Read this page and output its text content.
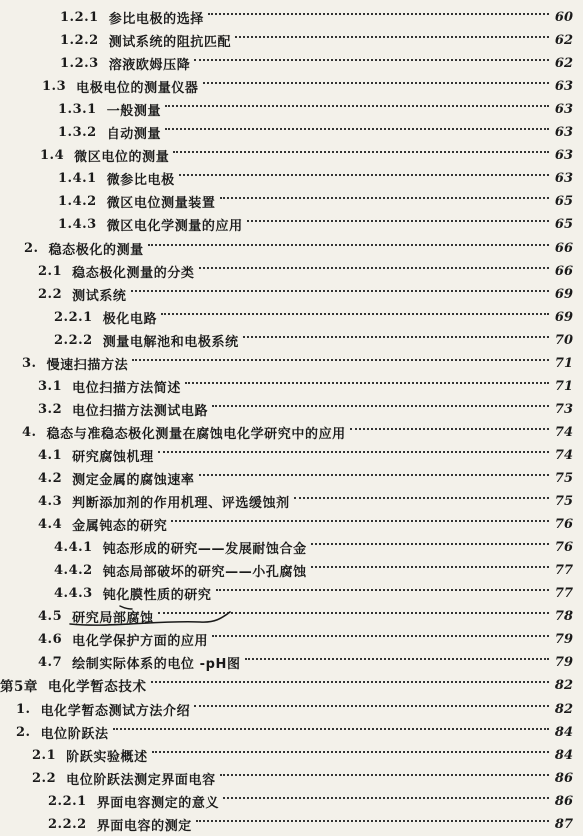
1.2.1 参比电极的选择	60
1.2.2 测试系统的阻抗匹配	62
1.2.3 溶液欧姆压降	62
1.3 电极电位的测量仪器	63
1.3.1 一般测量	63
1.3.2 自动测量	63
1.4 微区电位的测量	63
1.4.1 微参比电极	63
1.4.2 微区电位测量装置	65
1.4.3 微区电化学测量的应用	65
2. 稳态极化的测量	66
2.1 稳态极化测量的分类	66
2.2 测试系统	69
2.2.1 极化电路	69
2.2.2 测量电解池和电极系统	70
3. 慢速扫描方法	71
3.1 电位扫描方法简述	71
3.2 电位扫描方法测试电路	73
4. 稳态与准稳态极化测量在腐蚀电化学研究中的应用	74
4.1 研究腐蚀机理	74
4.2 测定金属的腐蚀速率	75
4.3 判断添加剂的作用机理、评选缓蚀剂	75
4.4 金属钝态的研究	76
4.4.1 钝态形成的研究——发展耐蚀合金	76
4.4.2 钝态局部破坏的研究——小孔腐蚀	77
4.4.3 钝化膜性质的研究	77
4.5 研究局部腐蚀	78
4.6 电化学保护方面的应用	79
4.7 绘制实际体系的电位 -pH图	79
第5章 电化学暂态技术	82
1. 电化学暂态测试方法介绍	82
2. 电位阶跃法	84
2.1 阶跃实验概述	84
2.2 电位阶跃法测定界面电容	86
2.2.1 界面电容测定的意义	86
2.2.2 界面电容的测定	87
